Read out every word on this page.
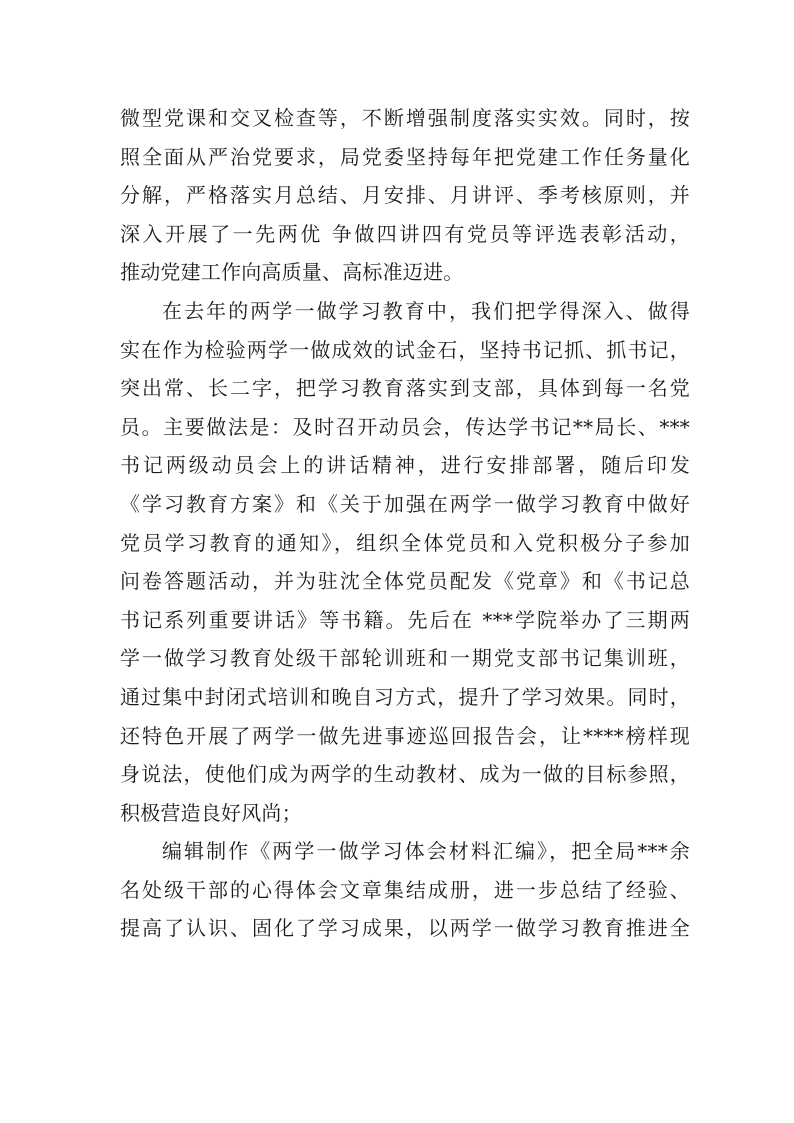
微型党课和交叉检查等，不断增强制度落实实效。同时，按
照全面从严治党要求，局党委坚持每年把党建工作任务量化
分解，严格落实月总结、月安排、月讲评、季考核原则，并
深入开展了一先两优 争做四讲四有党员等评选表彰活动，
推动党建工作向高质量、高标准迈进。
在去年的两学一做学习教育中，我们把学得深入、做得
实在作为检验两学一做成效的试金石，坚持书记抓、抓书记，
突出常、长二字，把学习教育落实到支部，具体到每一名党
员。主要做法是：及时召开动员会，传达学书记**局长、***
书记两级动员会上的讲话精神，进行安排部署，随后印发
《学习教育方案》和《关于加强在两学一做学习教育中做好
党员学习教育的通知》，组织全体党员和入党积极分子参加
问卷答题活动，并为驻沈全体党员配发《党章》和《书记总
书记系列重要讲话》等书籍。先后在 ***学院举办了三期两
学一做学习教育处级干部轮训班和一期党支部书记集训班，
通过集中封闭式培训和晚自习方式，提升了学习效果。同时，
还特色开展了两学一做先进事迹巡回报告会，让****榜样现
身说法，使他们成为两学的生动教材、成为一做的目标参照，
积极营造良好风尚；
编辑制作《两学一做学习体会材料汇编》，把全局***余
名处级干部的心得体会文章集结成册，进一步总结了经验、
提高了认识、固化了学习成果，以两学一做学习教育推进全
